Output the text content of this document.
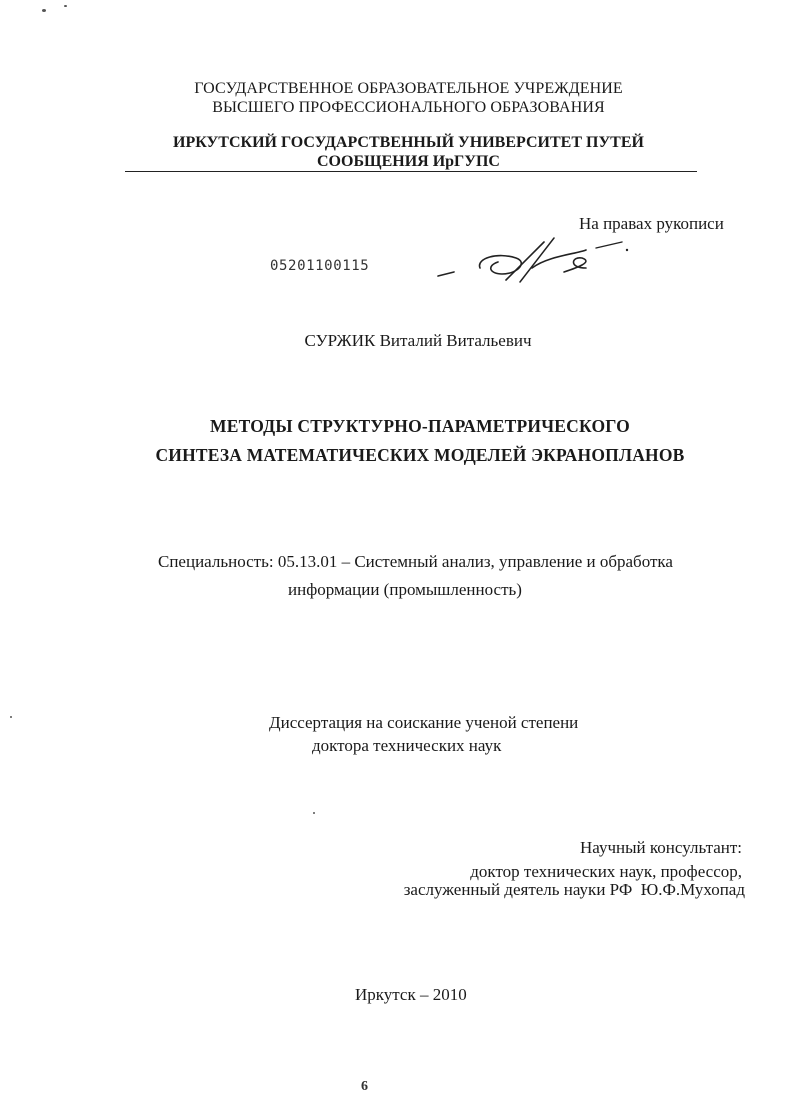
ГОСУДАРСТВЕННОЕ ОБРАЗОВАТЕЛЬНОЕ УЧРЕЖДЕНИЕ
ВЫСШЕГО ПРОФЕССИОНАЛЬНОГО ОБРАЗОВАНИЯ
ИРКУТСКИЙ ГОСУДАРСТВЕННЫЙ УНИВЕРСИТЕТ ПУТЕЙ
СООБЩЕНИЯ ИрГУПС
На правах рукописи
05201100115
СУРЖИК Виталий Витальевич
МЕТОДЫ СТРУКТУРНО-ПАРАМЕТРИЧЕСКОГО
СИНТЕЗА МАТЕМАТИЧЕСКИХ МОДЕЛЕЙ ЭКРАНОПЛАНОВ
Специальность: 05.13.01 – Системный анализ, управление и обработка
информации (промышленность)
Диссертация на соискание ученой степени
доктора технических наук
Научный консультант:
доктор технических наук, профессор,
заслуженный деятель науки РФ  Ю.Ф.Мухопад
Иркутск – 2010
6
